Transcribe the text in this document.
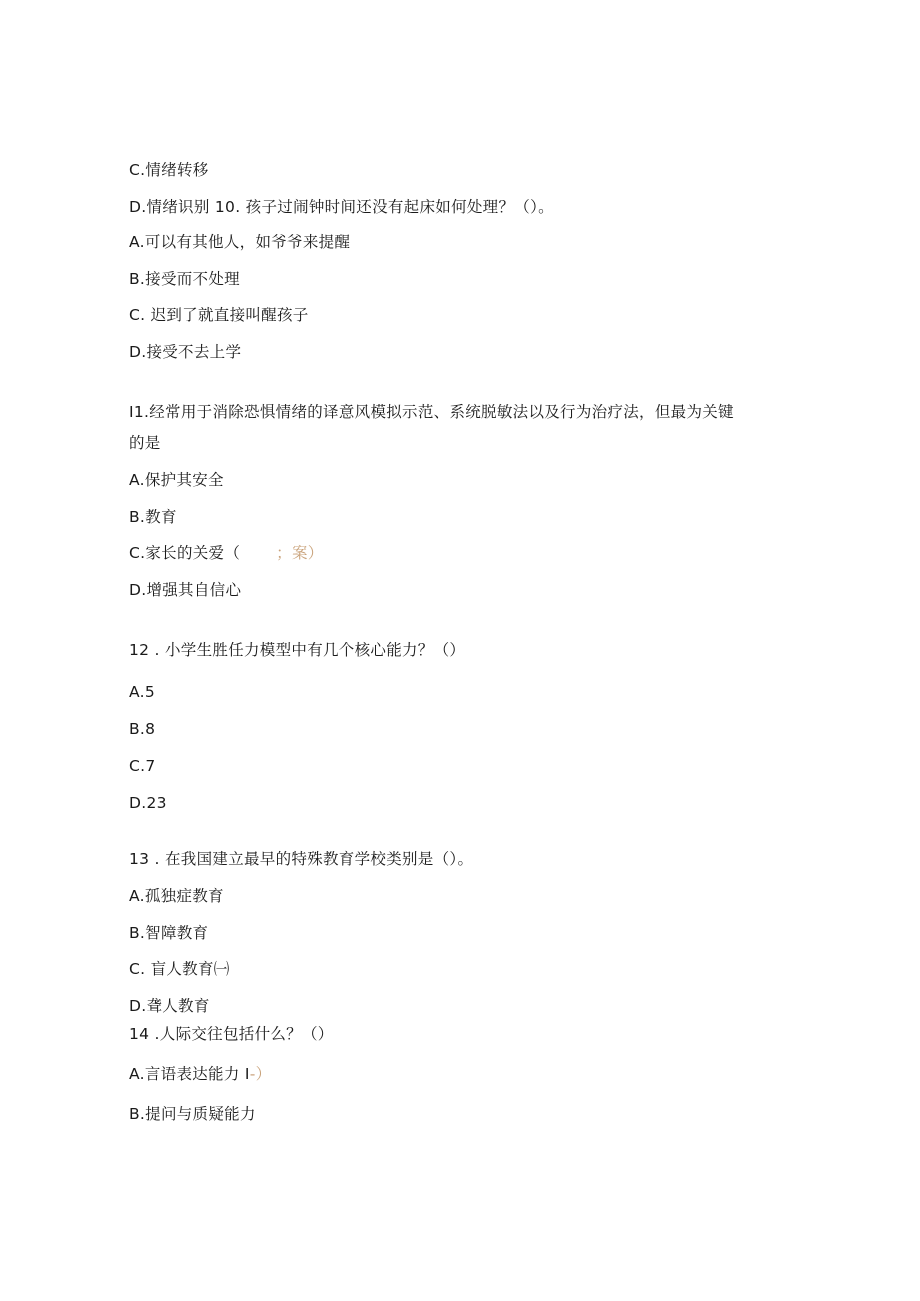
C.情绪转移
D.情绪识别 10. 孩子过闹钟时间还没有起床如何处理？（）。
A.可以有其他人，如爷爷来提醒
B.接受而不处理
C. 迟到了就直接叫醒孩子
D.接受不去上学
I1.经常用于消除恐惧情绪的译意风模拟示范、系统脱敏法以及行为治疗法，但最为关键
的是
A.保护其安全
B.教育
C.家长的关爱（ ；案）
D.增强其自信心
12 . 小学生胜任力模型中有几个核心能力？（）
A.5
B.8
C.7
D.23
13 . 在我国建立最早的特殊教育学校类别是（）。
A.孤独症教育
B.智障教育
C. 盲人教育㈠
D.聋人教育
14 .人际交往包括什么？（）
A.言语表达能力 I-）
B.提问与质疑能力
